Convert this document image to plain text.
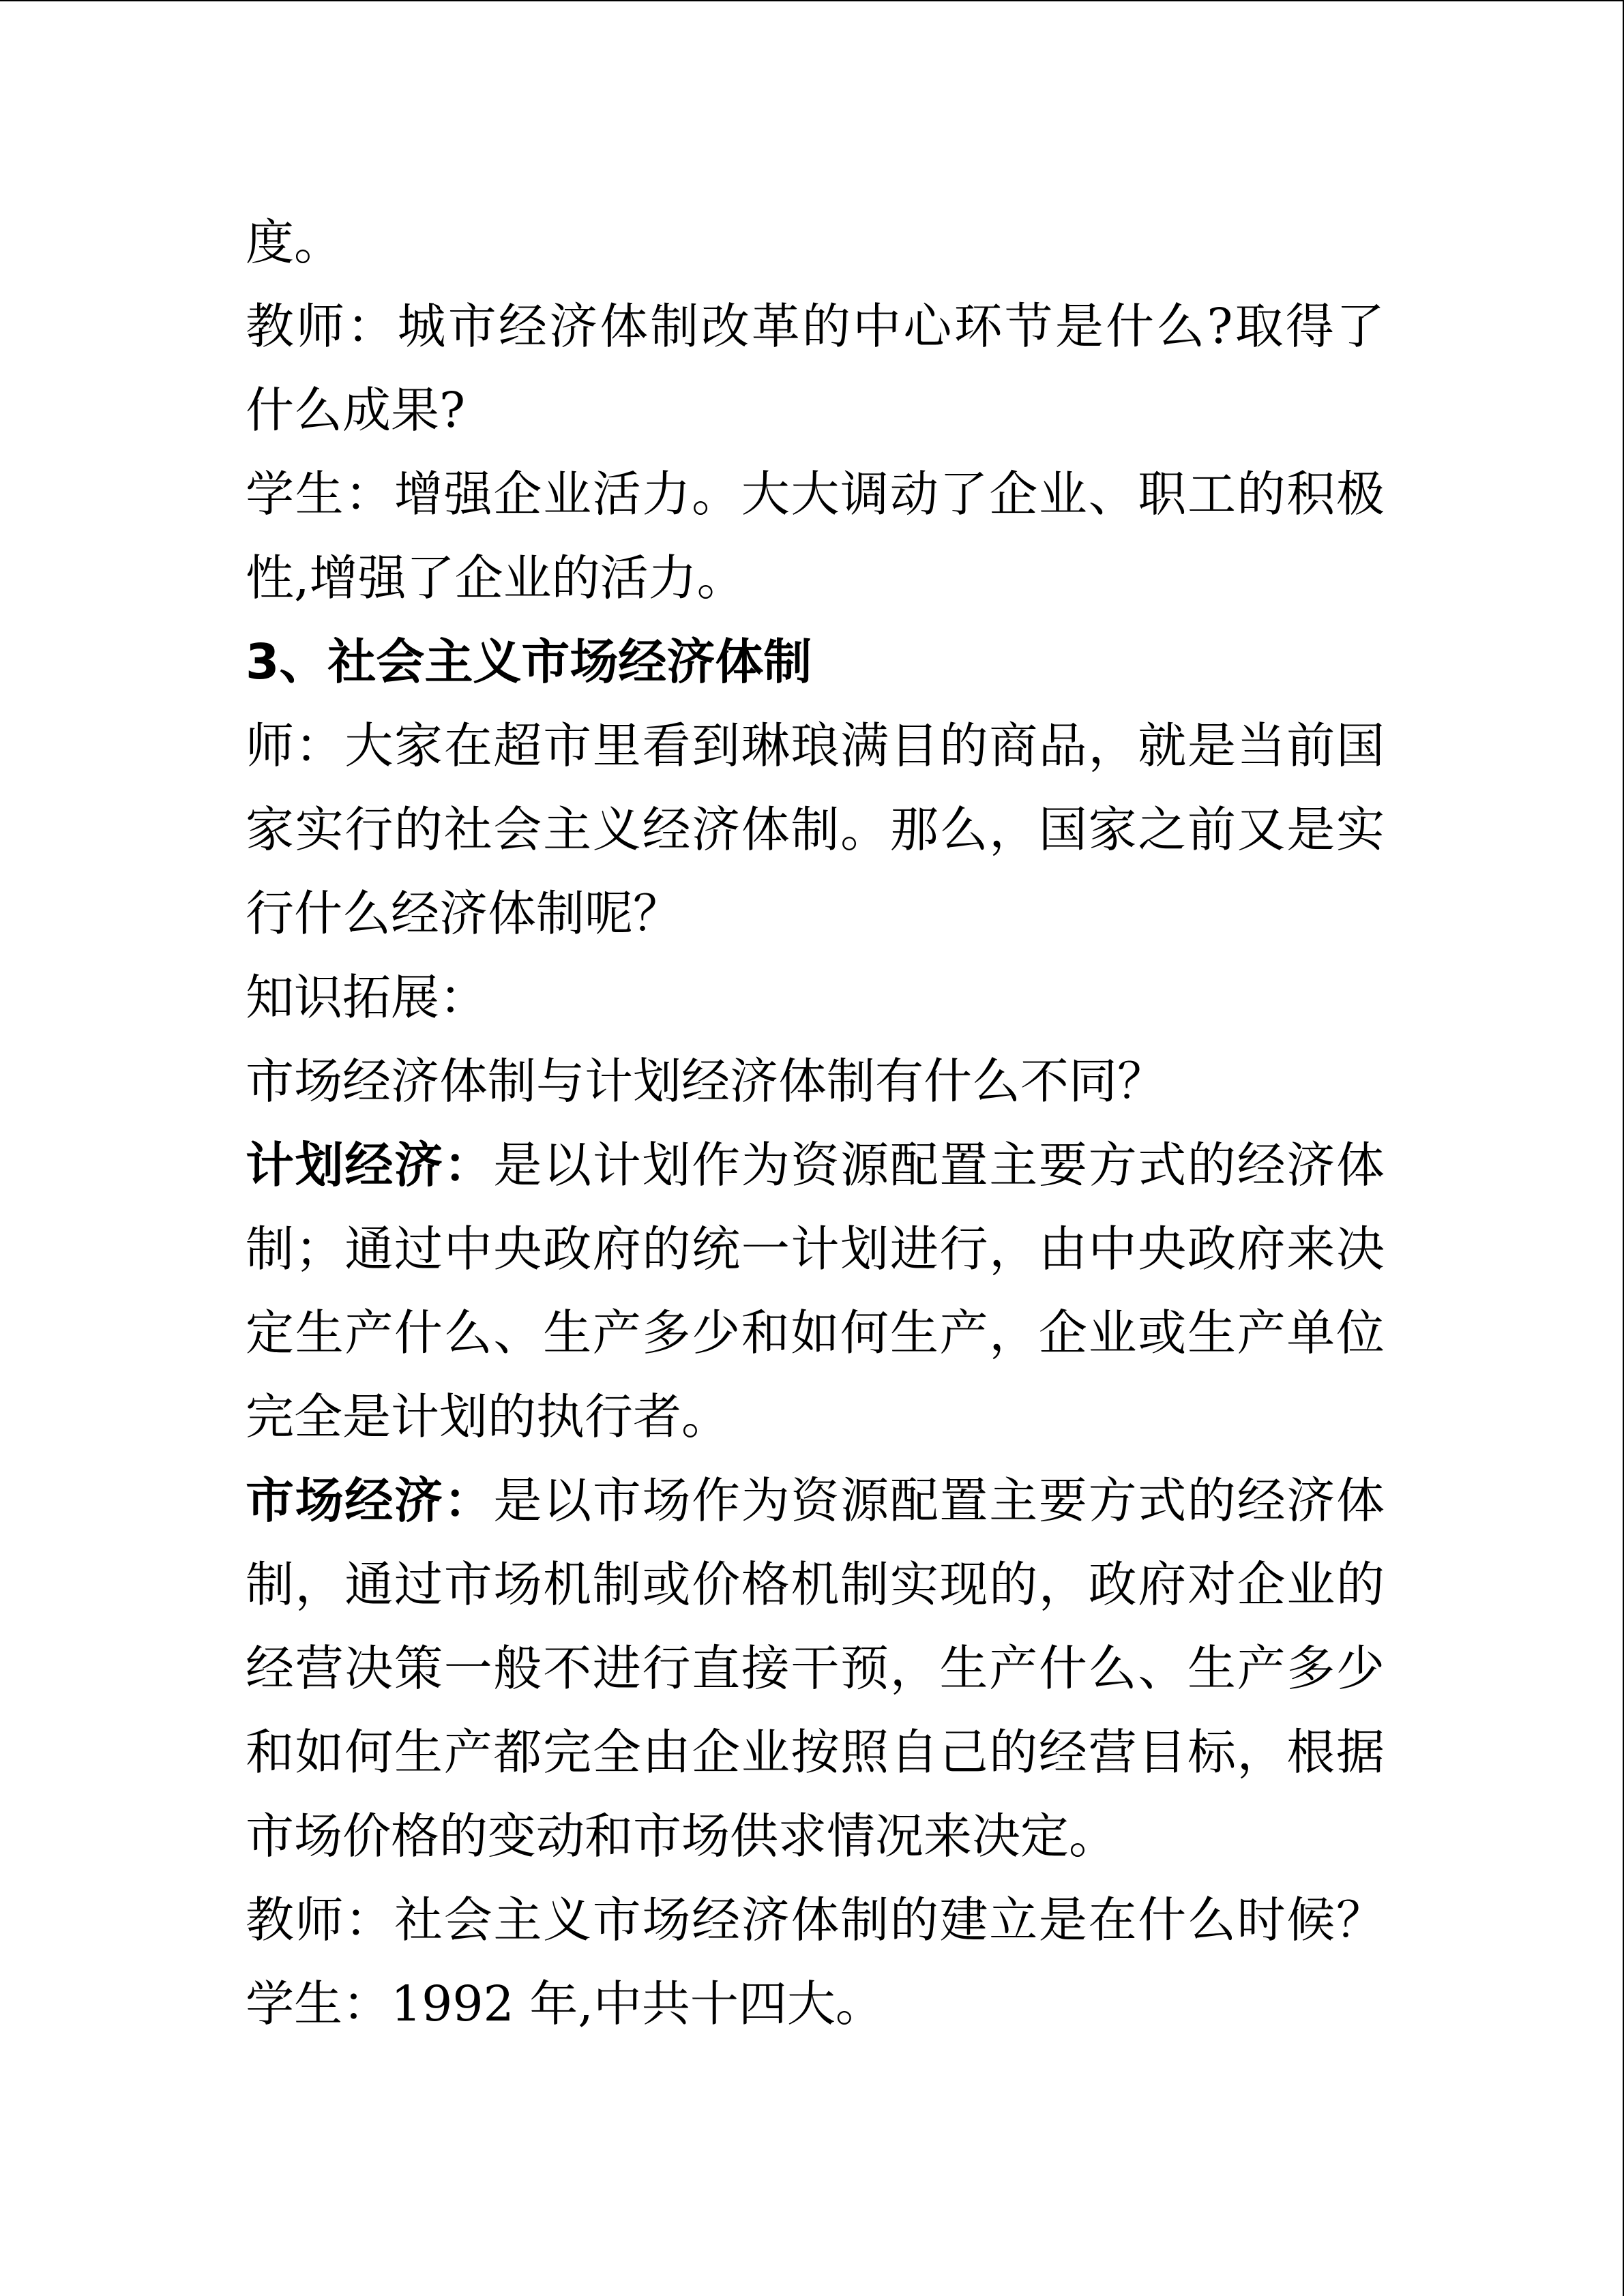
度。
教师：城市经济体制改革的中心环节是什么?取得了
什么成果?
学生：增强企业活力。大大调动了企业、职工的积极
性,增强了企业的活力。
3、社会主义市场经济体制
师：大家在超市里看到琳琅满目的商品，就是当前国
家实行的社会主义经济体制。那么，国家之前又是实
行什么经济体制呢？
知识拓展：
市场经济体制与计划经济体制有什么不同？
计划经济：是以计划作为资源配置主要方式的经济体
制；通过中央政府的统一计划进行，由中央政府来决
定生产什么、生产多少和如何生产，企业或生产单位
完全是计划的执行者。
市场经济：是以市场作为资源配置主要方式的经济体
制，通过市场机制或价格机制实现的，政府对企业的
经营决策一般不进行直接干预，生产什么、生产多少
和如何生产都完全由企业按照自己的经营目标，根据
市场价格的变动和市场供求情况来决定。
教师：社会主义市场经济体制的建立是在什么时候？
学生：1992 年,中共十四大。
